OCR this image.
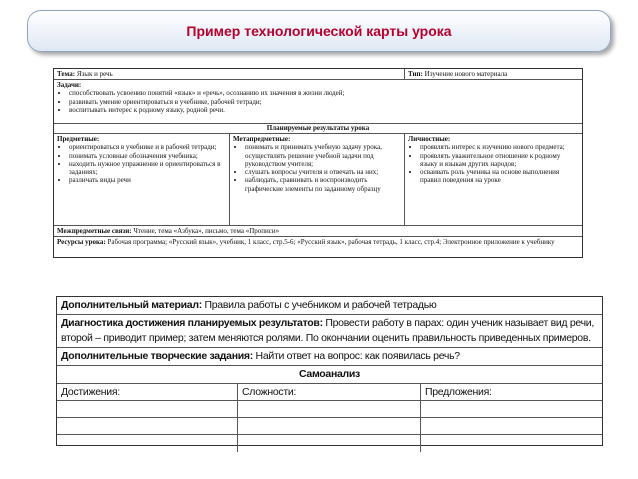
Пример технологической карты урока
Тема: Язык и речь	Тип: Изучение нового материала
Задачи:
• способствовать усвоению понятий «язык» и «речь», осознанию их значения в жизни людей;
• развивать умение ориентироваться в учебнике, рабочей тетради;
• воспитывать интерес к родному языку, родной речи.
Планируемые результаты урока
Предметные:
• ориентироваться в учебнике и в рабочей тетради;
• понимать условные обозначения учебника;
• находить нужное упражнение и ориентироваться в заданиях;
• различать виды речи
Метапредметные:
• понимать и принимать учебную задачу урока, осуществлять решение учебной задачи под руководством учителя;
• слушать вопросы учителя и отвечать на них;
• наблюдать, сравнивать и воспроизводить графические элементы по заданному образцу
Личностные:
• проявлять интерес к изучению нового предмета;
• проявлять уважительное отношение к родному языку и языкам других народов;
• осваивать роль ученика на основе выполнения правил поведения на уроке
Межпредметные связи: Чтение, тема «Азбука», письмо, тема «Прописи»
Ресурсы урока: Рабочая программа; «Русский язык», учебник, 1 класс, стр.5-6; «Русский язык», рабочая тетрадь, 1 класс, стр.4; Электронное приложение к учебнику
Дополнительный материал: Правила работы с учебником и рабочей тетрадью
Диагностика достижения планируемых результатов: Провести работу в парах: один ученик называет вид речи, второй – приводит пример; затем меняются ролями. По окончании оценить правильность приведенных примеров.
Дополнительные творческие задания: Найти ответ на вопрос: как появилась речь?
Самоанализ
Достижения:	Сложности:	Предложения:
